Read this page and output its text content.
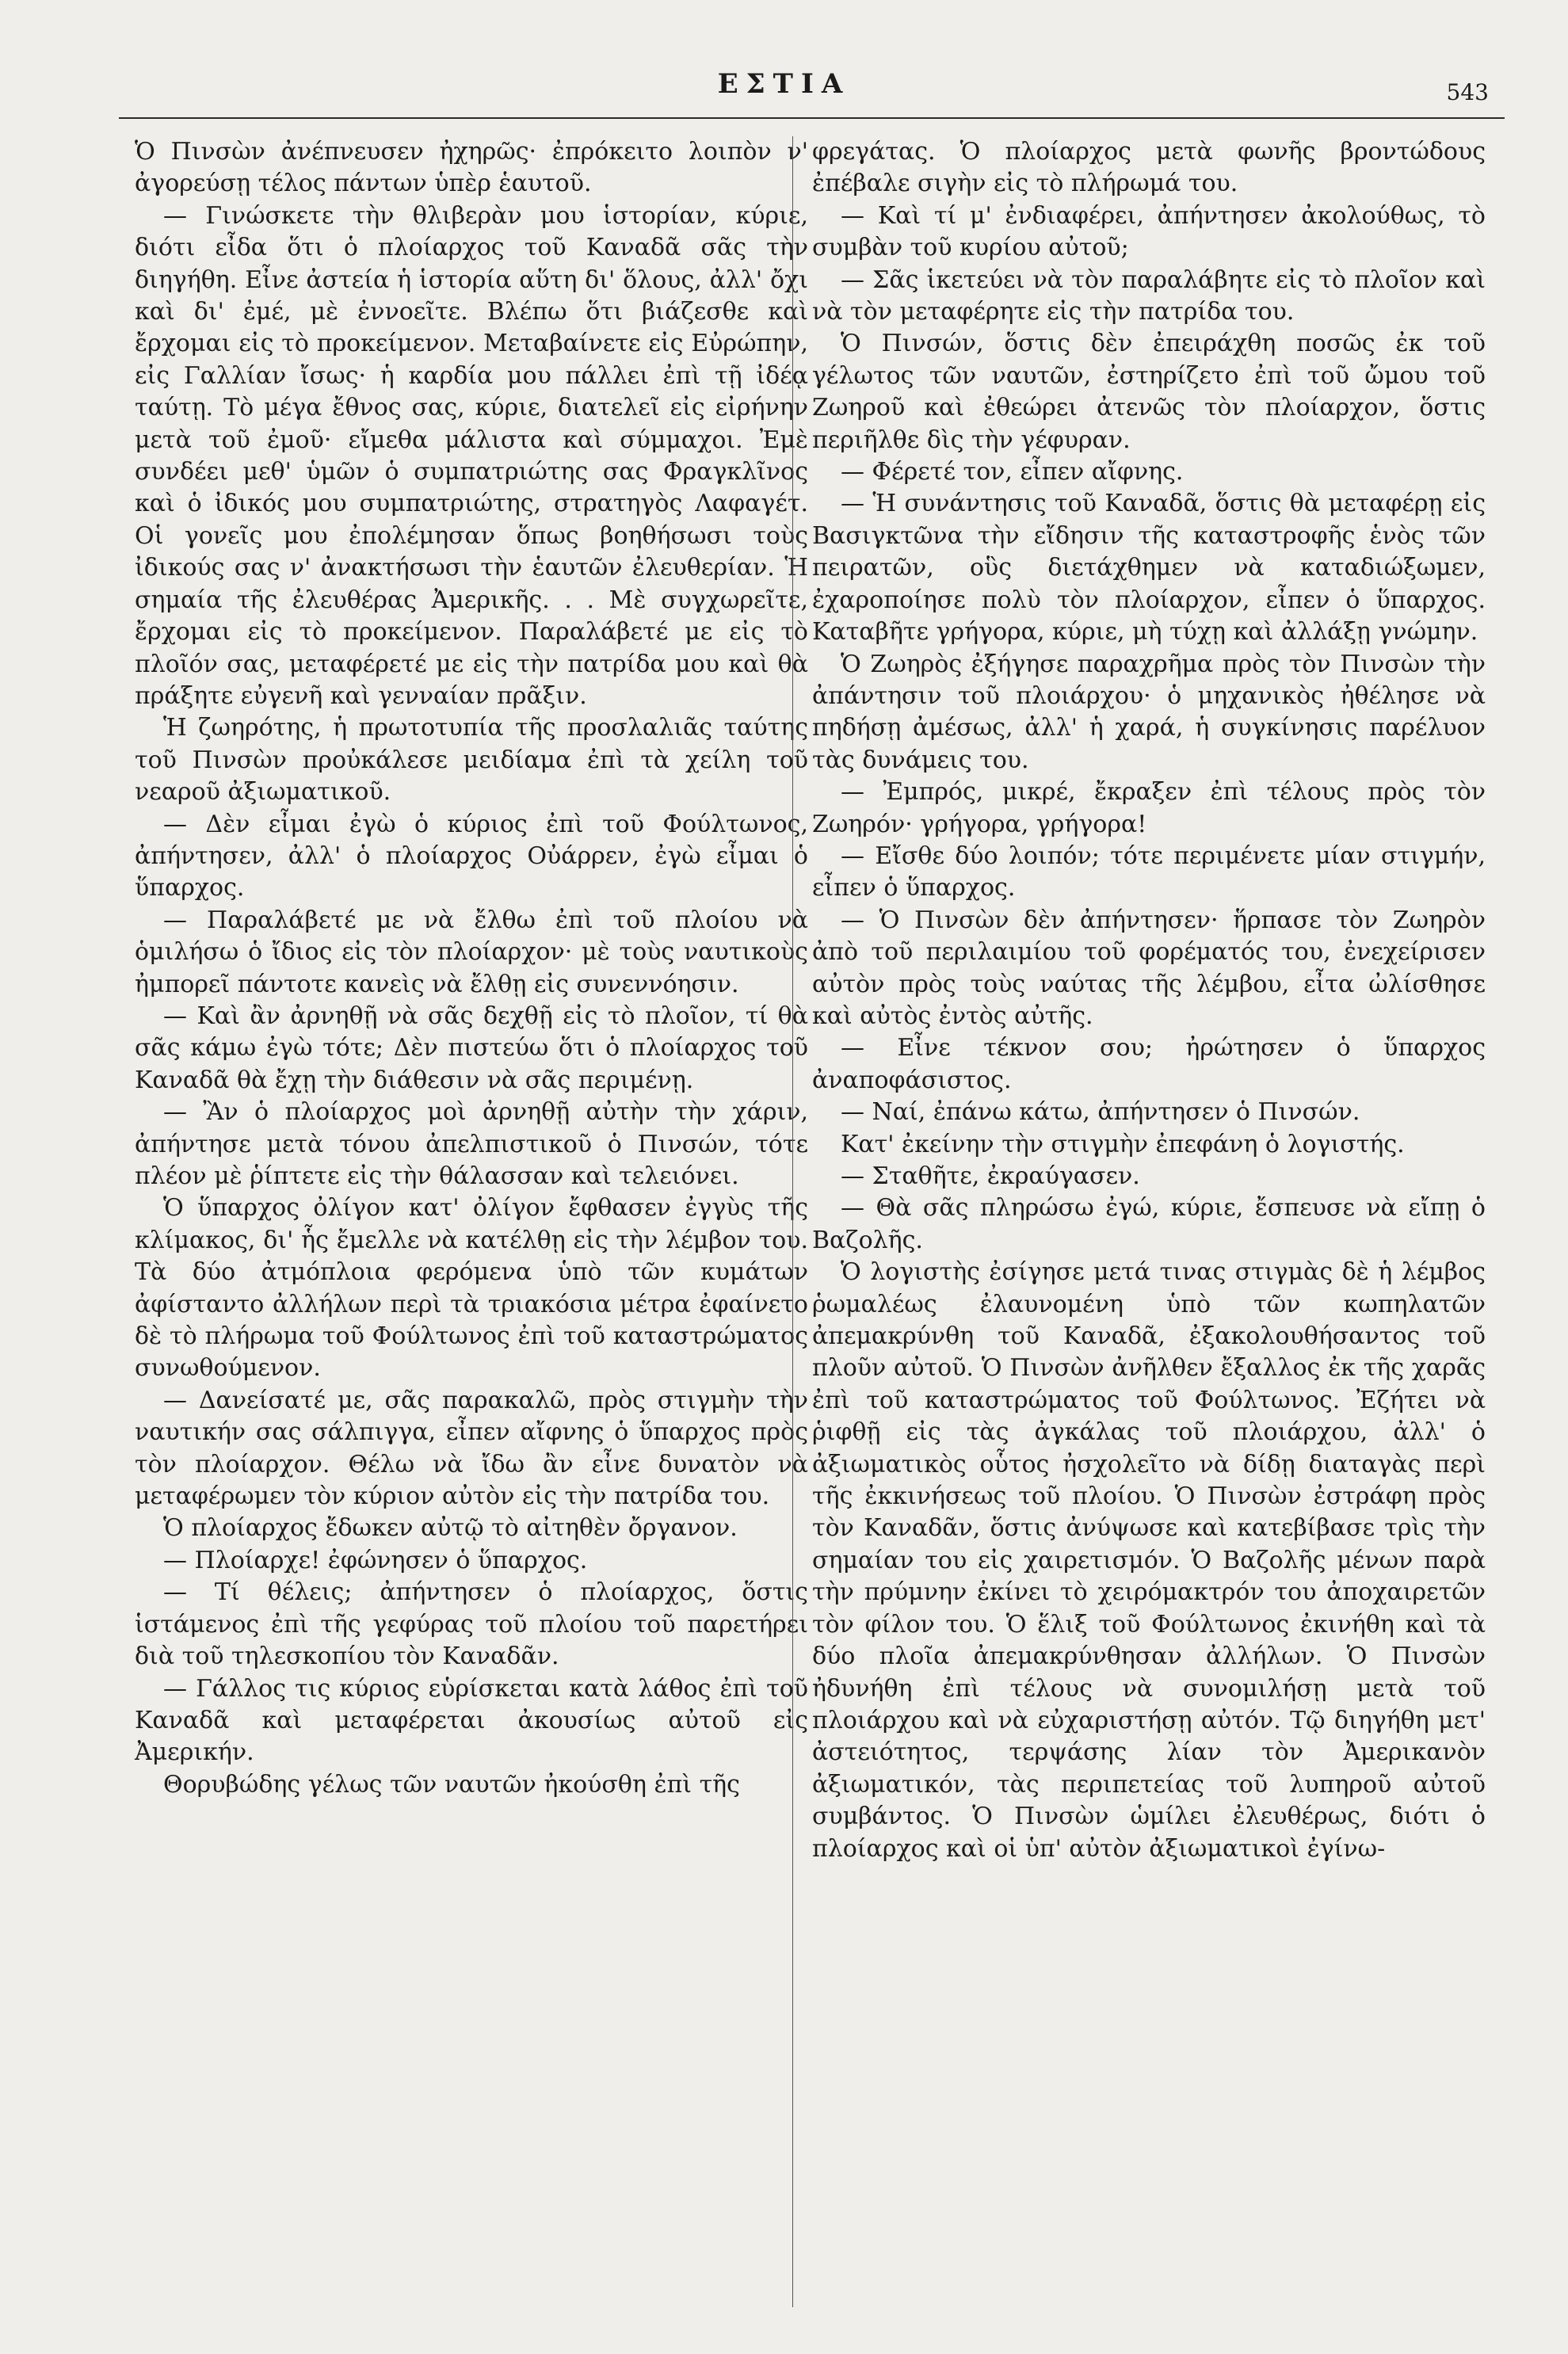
ΕΣΤΙΑ	543

Ὁ Πινσὼν ἀνέπνευσεν ἠχηρῶς· ἐπρόκειτο λοιπὸν ν' ἀγορεύσῃ τέλος πάντων ὑπὲρ ἑαυτοῦ.

— Γινώσκετε τὴν θλιβερὰν μου ἱστορίαν, κύριε, διότι εἶδα ὅτι ὁ πλοίαρχος τοῦ Καναδᾶ σᾶς τὴν διηγήθη. Εἶνε ἀστεία ἡ ἱστορία αὕτη δι' ὅλους, ἀλλ' ὄχι καὶ δι' ἐμέ, μὲ ἐννοεῖτε. Βλέπω ὅτι βιάζεσθε καὶ ἔρχομαι εἰς τὸ προκείμενον. Μεταβαίνετε εἰς Εὐρώπην, εἰς Γαλλίαν ἴσως· ἡ καρδία μου πάλλει ἐπὶ τῇ ἰδέᾳ ταύτῃ. Τὸ μέγα ἔθνος σας, κύριε, διατελεῖ εἰς εἰρήνην μετὰ τοῦ ἐμοῦ· εἴμεθα μάλιστα καὶ σύμμαχοι. Ἐμὲ συνδέει μεθ' ὑμῶν ὁ συμπατριώτης σας Φραγκλῖνος καὶ ὁ ἰδικός μου συμπατριώτης, στρατηγὸς Λαφαγέτ. Οἱ γονεῖς μου ἐπολέμησαν ὅπως βοηθήσωσι τοὺς ἰδικούς σας ν' ἀνακτήσωσι τὴν ἑαυτῶν ἐλευθερίαν. Ἡ σημαία τῆς ἐλευθέρας Ἀμερικῆς. . . Μὲ συγχωρεῖτε, ἔρχομαι εἰς τὸ προκείμενον. Παραλάβετέ με εἰς τὸ πλοῖόν σας, μεταφέρετέ με εἰς τὴν πατρίδα μου καὶ θὰ πράξητε εὐγενῆ καὶ γενναίαν πρᾶξιν.

Ἡ ζωηρότης, ἡ πρωτοτυπία τῆς προσλαλιᾶς ταύτης τοῦ Πινσὼν προὐκάλεσε μειδίαμα ἐπὶ τὰ χείλη τοῦ νεαροῦ ἀξιωματικοῦ.

— Δὲν εἶμαι ἐγὼ ὁ κύριος ἐπὶ τοῦ Φούλτωνος, ἀπήντησεν, ἀλλ' ὁ πλοίαρχος Οὐάρρεν, ἐγὼ εἶμαι ὁ ὕπαρχος.

— Παραλάβετέ με νὰ ἔλθω ἐπὶ τοῦ πλοίου νὰ ὁμιλήσω ὁ ἴδιος εἰς τὸν πλοίαρχον· μὲ τοὺς ναυτικοὺς ἠμπορεῖ πάντοτε κανεὶς νὰ ἔλθῃ εἰς συνεννόησιν.

— Καὶ ἂν ἀρνηθῇ νὰ σᾶς δεχθῇ εἰς τὸ πλοῖον, τί θὰ σᾶς κάμω ἐγὼ τότε; Δὲν πιστεύω ὅτι ὁ πλοίαρχος τοῦ Καναδᾶ θὰ ἔχῃ τὴν διάθεσιν νὰ σᾶς περιμένῃ.

— Ἂν ὁ πλοίαρχος μοὶ ἀρνηθῇ αὐτὴν τὴν χάριν, ἀπήντησε μετὰ τόνου ἀπελπιστικοῦ ὁ Πινσών, τότε πλέον μὲ ῥίπτετε εἰς τὴν θάλασσαν καὶ τελειόνει.

Ὁ ὕπαρχος ὀλίγον κατ' ὀλίγον ἔφθασεν ἐγγὺς τῆς κλίμακος, δι' ἧς ἔμελλε νὰ κατέλθῃ εἰς τὴν λέμβον του. Τὰ δύο ἀτμόπλοια φερόμενα ὑπὸ τῶν κυμάτων ἀφίσταντο ἀλλήλων περὶ τὰ τριακόσια μέτρα ἐφαίνετο δὲ τὸ πλήρωμα τοῦ Φούλτωνος ἐπὶ τοῦ καταστρώματος συνωθούμενον.

— Δανείσατέ με, σᾶς παρακαλῶ, πρὸς στιγμὴν τὴν ναυτικήν σας σάλπιγγα, εἶπεν αἴφνης ὁ ὕπαρχος πρὸς τὸν πλοίαρχον. Θέλω νὰ ἴδω ἂν εἶνε δυνατὸν νὰ μεταφέρωμεν τὸν κύριον αὐτὸν εἰς τὴν πατρίδα του.

Ὁ πλοίαρχος ἔδωκεν αὐτῷ τὸ αἰτηθὲν ὄργανον.

— Πλοίαρχε! ἐφώνησεν ὁ ὕπαρχος.

— Τί θέλεις; ἀπήντησεν ὁ πλοίαρχος, ὅστις ἱστάμενος ἐπὶ τῆς γεφύρας τοῦ πλοίου τοῦ παρετήρει διὰ τοῦ τηλεσκοπίου τὸν Καναδᾶν.

— Γάλλος τις κύριος εὑρίσκεται κατὰ λάθος ἐπὶ τοῦ Καναδᾶ καὶ μεταφέρεται ἀκουσίως αὐτοῦ εἰς Ἀμερικήν.

Θορυβώδης γέλως τῶν ναυτῶν ἠκούσθη ἐπὶ τῆς

φρεγάτας. Ὁ πλοίαρχος μετὰ φωνῆς βροντώδους ἐπέβαλε σιγὴν εἰς τὸ πλήρωμά του.

— Καὶ τί μ' ἐνδιαφέρει, ἀπήντησεν ἀκολούθως, τὸ συμβὰν τοῦ κυρίου αὐτοῦ;

— Σᾶς ἱκετεύει νὰ τὸν παραλάβητε εἰς τὸ πλοῖον καὶ νὰ τὸν μεταφέρητε εἰς τὴν πατρίδα του.

Ὁ Πινσών, ὅστις δὲν ἐπειράχθη ποσῶς ἐκ τοῦ γέλωτος τῶν ναυτῶν, ἐστηρίζετο ἐπὶ τοῦ ὤμου τοῦ Ζωηροῦ καὶ ἐθεώρει ἀτενῶς τὸν πλοίαρχον, ὅστις περιῆλθε δὶς τὴν γέφυραν.

— Φέρετέ τον, εἶπεν αἴφνης.

— Ἡ συνάντησις τοῦ Καναδᾶ, ὅστις θὰ μεταφέρῃ εἰς Βασιγκτῶνα τὴν εἴδησιν τῆς καταστροφῆς ἑνὸς τῶν πειρατῶν, οὓς διετάχθημεν νὰ καταδιώξωμεν, ἐχαροποίησε πολὺ τὸν πλοίαρχον, εἶπεν ὁ ὕπαρχος. Καταβῆτε γρήγορα, κύριε, μὴ τύχῃ καὶ ἀλλάξῃ γνώμην.

Ὁ Ζωηρὸς ἐξήγησε παραχρῆμα πρὸς τὸν Πινσὼν τὴν ἀπάντησιν τοῦ πλοιάρχου· ὁ μηχανικὸς ἠθέλησε νὰ πηδήσῃ ἀμέσως, ἀλλ' ἡ χαρά, ἡ συγκίνησις παρέλυον τὰς δυνάμεις του.

— Ἐμπρός, μικρέ, ἔκραξεν ἐπὶ τέλους πρὸς τὸν Ζωηρόν· γρήγορα, γρήγορα!

— Εἴσθε δύο λοιπόν; τότε περιμένετε μίαν στιγμήν, εἶπεν ὁ ὕπαρχος.

— Ὁ Πινσὼν δὲν ἀπήντησεν· ἥρπασε τὸν Ζωηρὸν ἀπὸ τοῦ περιλαιμίου τοῦ φορέματός του, ἐνεχείρισεν αὐτὸν πρὸς τοὺς ναύτας τῆς λέμβου, εἶτα ὠλίσθησε καὶ αὐτὸς ἐντὸς αὐτῆς.

— Εἶνε τέκνον σου; ἠρώτησεν ὁ ὕπαρχος ἀναποφάσιστος.

— Ναί, ἐπάνω κάτω, ἀπήντησεν ὁ Πινσών.

Κατ' ἐκείνην τὴν στιγμὴν ἐπεφάνη ὁ λογιστής.

— Σταθῆτε, ἐκραύγασεν.

— Θὰ σᾶς πληρώσω ἐγώ, κύριε, ἔσπευσε νὰ εἴπῃ ὁ Βαζολῆς.

Ὁ λογιστὴς ἐσίγησε μετά τινας στιγμὰς δὲ ἡ λέμβος ῥωμαλέως ἐλαυνομένη ὑπὸ τῶν κωπηλατῶν ἀπεμακρύνθη τοῦ Καναδᾶ, ἐξακολουθήσαντος τοῦ πλοῦν αὐτοῦ. Ὁ Πινσὼν ἀνῆλθεν ἔξαλλος ἐκ τῆς χαρᾶς ἐπὶ τοῦ καταστρώματος τοῦ Φούλτωνος. Ἐζήτει νὰ ῥιφθῇ εἰς τὰς ἀγκάλας τοῦ πλοιάρχου, ἀλλ' ὁ ἀξιωματικὸς οὗτος ἠσχολεῖτο νὰ δίδῃ διαταγὰς περὶ τῆς ἐκκινήσεως τοῦ πλοίου. Ὁ Πινσὼν ἐστράφη πρὸς τὸν Καναδᾶν, ὅστις ἀνύψωσε καὶ κατεβίβασε τρὶς τὴν σημαίαν του εἰς χαιρετισμόν. Ὁ Βαζολῆς μένων παρὰ τὴν πρύμνην ἐκίνει τὸ χειρόμακτρόν του ἀποχαιρετῶν τὸν φίλον του. Ὁ ἕλιξ τοῦ Φούλτωνος ἐκινήθη καὶ τὰ δύο πλοῖα ἀπεμακρύνθησαν ἀλλήλων. Ὁ Πινσὼν ἠδυνήθη ἐπὶ τέλους νὰ συνομιλήσῃ μετὰ τοῦ πλοιάρχου καὶ νὰ εὐχαριστήσῃ αὐτόν. Τῷ διηγήθη μετ' ἀστειότητος, τερψάσης λίαν τὸν Ἀμερικανὸν ἀξιωματικόν, τὰς περιπετείας τοῦ λυπηροῦ αὐτοῦ συμβάντος. Ὁ Πινσὼν ὡμίλει ἐλευθέρως, διότι ὁ πλοίαρχος καὶ οἱ ὑπ' αὐτὸν ἀξιωματικοὶ ἐγίνω-
